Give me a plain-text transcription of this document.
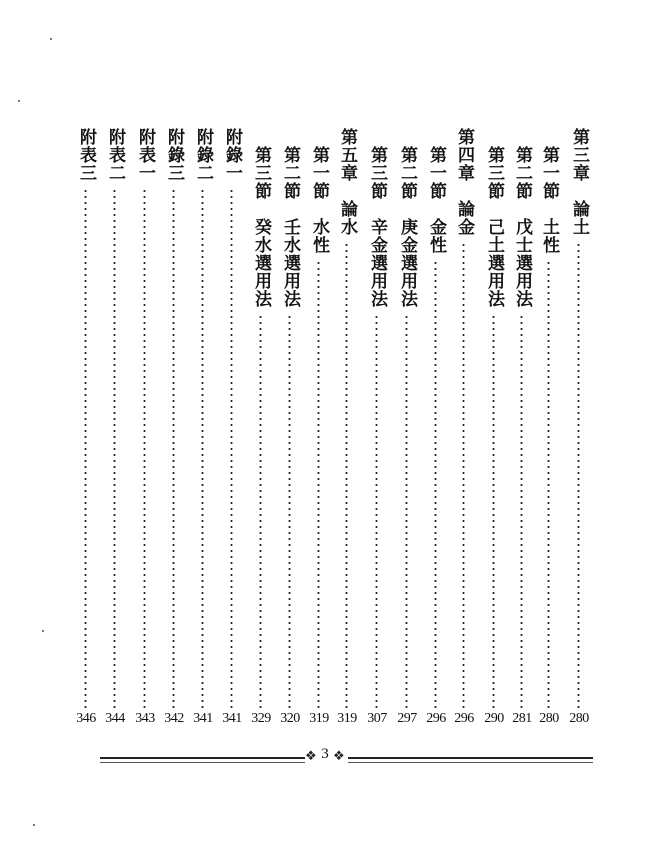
第三章　論土
280
第一節　土性
280
第二節　戊士選用法
281
第三節　己土選用法
290
第四章　論金
296
第一節　金性
296
第二節　庚金選用法
297
第三節　辛金選用法
307
第五章　論水
319
第一節　水性
319
第二節　壬水選用法
320
第三節　癸水選用法
329
附錄一
341
附錄二
341
附錄三
342
附表一
343
附表二
344
附表三
346
❖ 3 ❖
